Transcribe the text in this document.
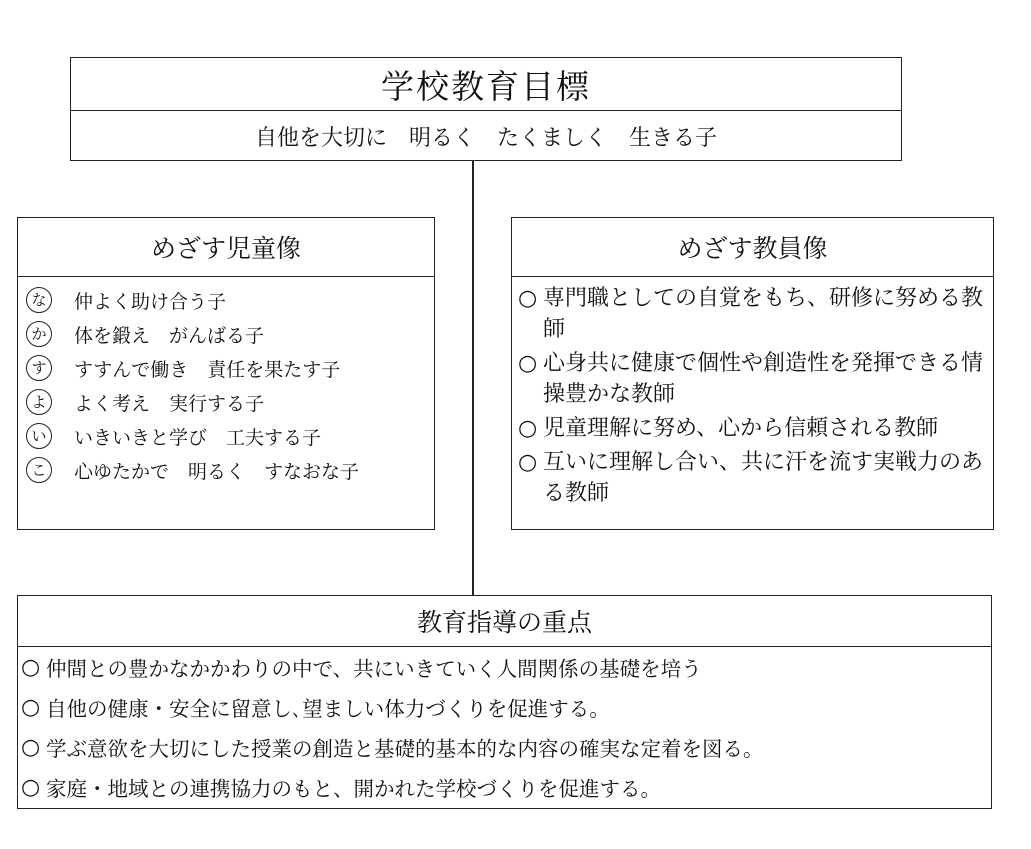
学校教育目標
自他を大切に　明るく　たくましく　生きる子
めざす児童像
な 仲よく助け合う子
か 体を鍛え　がんばる子
す すすんで働き　責任を果たす子
よ よく考え　実行する子
い いきいきと学び　工夫する子
こ 心ゆたかで　明るく　すなおな子
めざす教員像
○ 専門職としての自覚をもち、研修に努める教師
○ 心身共に健康で個性や創造性を発揮できる情操豊かな教師
○ 児童理解に努め、心から信頼される教師
○ 互いに理解し合い、共に汗を流す実戦力のある教師
教育指導の重点
○ 仲間との豊かなかかわりの中で、共にいきていく人間関係の基礎を培う
○ 自他の健康・安全に留意し､望ましい体力づくりを促進する。
○ 学ぶ意欲を大切にした授業の創造と基礎的基本的な内容の確実な定着を図る。
○ 家庭・地域との連携協力のもと、開かれた学校づくりを促進する。
